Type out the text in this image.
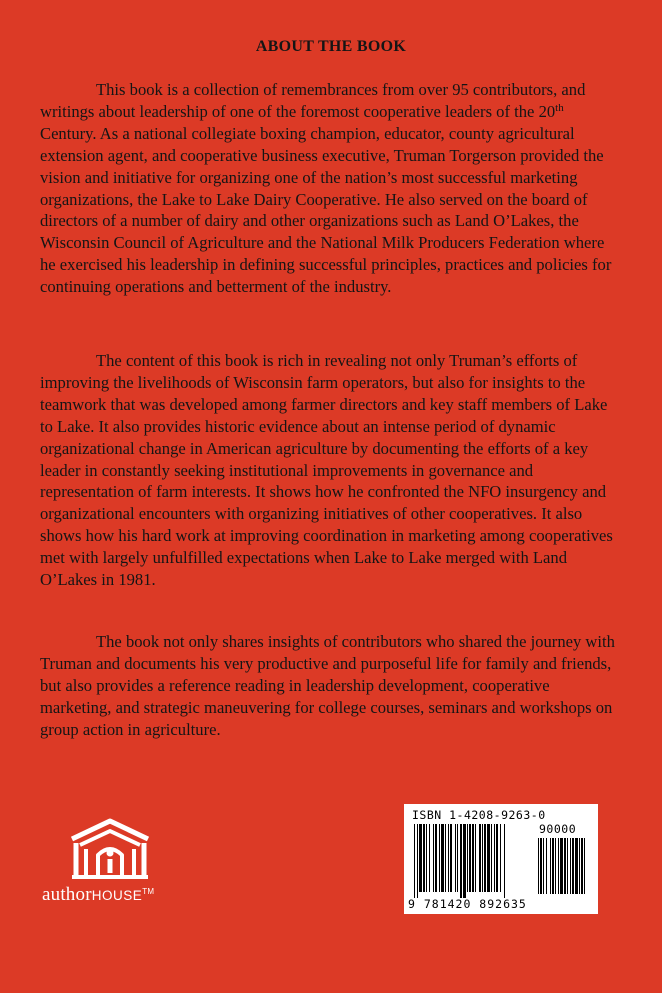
ABOUT THE BOOK

This book is a collection of remembrances from over 95 contributors, and writings about leadership of one of the foremost cooperative leaders of the 20th Century. As a national collegiate boxing champion, educator, county agricultural extension agent, and cooperative business executive, Truman Torgerson provided the vision and initiative for organizing one of the nation’s most successful marketing organizations, the Lake to Lake Dairy Cooperative. He also served on the board of directors of a number of dairy and other organizations such as Land O’Lakes, the Wisconsin Council of Agriculture and the National Milk Producers Federation where he exercised his leadership in defining successful principles, practices and policies for continuing operations and betterment of the industry.

The content of this book is rich in revealing not only Truman’s efforts of improving the livelihoods of Wisconsin farm operators, but also for insights to the teamwork that was developed among farmer directors and key staff members of Lake to Lake. It also provides historic evidence about an intense period of dynamic organizational change in American agriculture by documenting the efforts of a key leader in constantly seeking institutional improvements in governance and representation of farm interests. It shows how he confronted the NFO insurgency and organizational encounters with organizing initiatives of other cooperatives. It also shows how his hard work at improving coordination in marketing among cooperatives met with largely unfulfilled expectations when Lake to Lake merged with Land O’Lakes in 1981.

The book not only shares insights of contributors who shared the journey with Truman and documents his very productive and purposeful life for family and friends, but also provides a reference reading in leadership development, cooperative marketing, and strategic maneuvering for college courses, seminars and workshops on group action in agriculture.

authorHOUSE™
ISBN 1-4208-9263-0
90000
9 781420 892635
